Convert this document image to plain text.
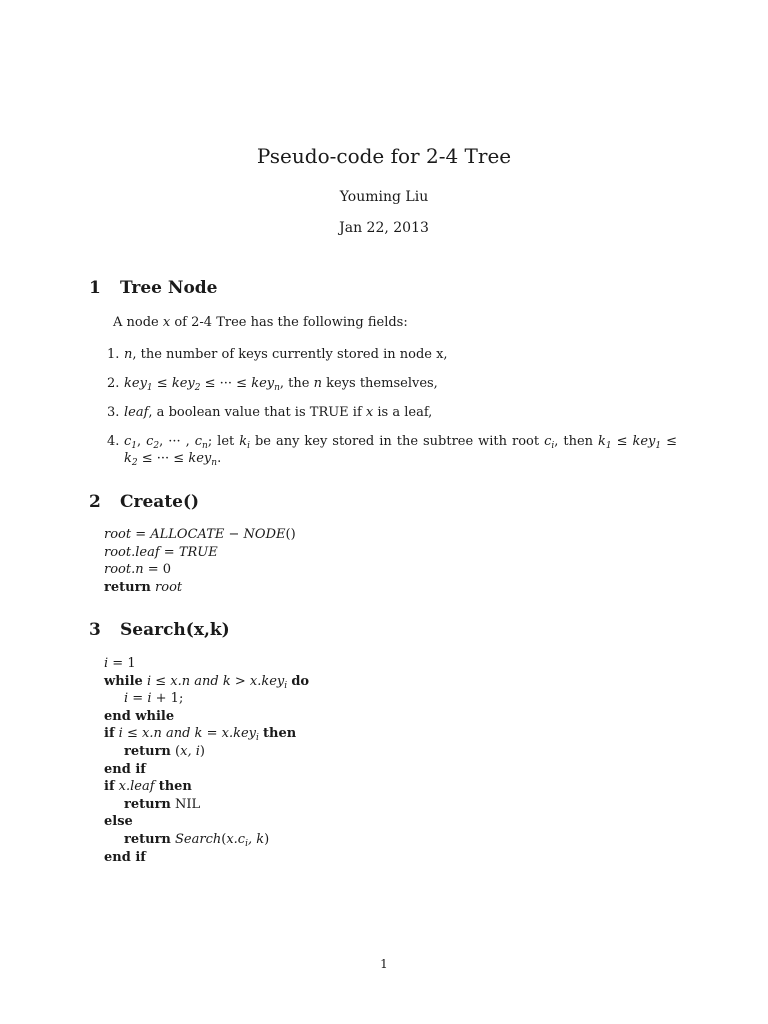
Pseudo-code for 2-4 Tree
Youming Liu
Jan 22, 2013
1 Tree Node
A node x of 2-4 Tree has the following fields:
1. n, the number of keys currently stored in node x,
2. key$_1$ ≤ key$_2$ ≤ ··· ≤ key$_n$, the n keys themselves,
3. leaf, a boolean value that is TRUE if x is a leaf,
4. $c_1$, $c_2$, ··· , $c_n$; let $k_i$ be any key stored in the subtree with root $c_i$, then $k_1 \le key_1 \le k_2$ ≤ ··· ≤ key$_n$.
2 Create()
root = ALLOCATE − NODE()
root.leaf = TRUE
root.n = 0
return root
3 Search(x,k)
i = 1
while i ≤ x.n and k > x.key$_i$ do
i = i + 1;
end while
if i ≤ x.n and k = x.key$_i$ then
return (x, i)
end if
if x.leaf then
return NIL
else
return $Search(x.c_i$, k)
end if
1
